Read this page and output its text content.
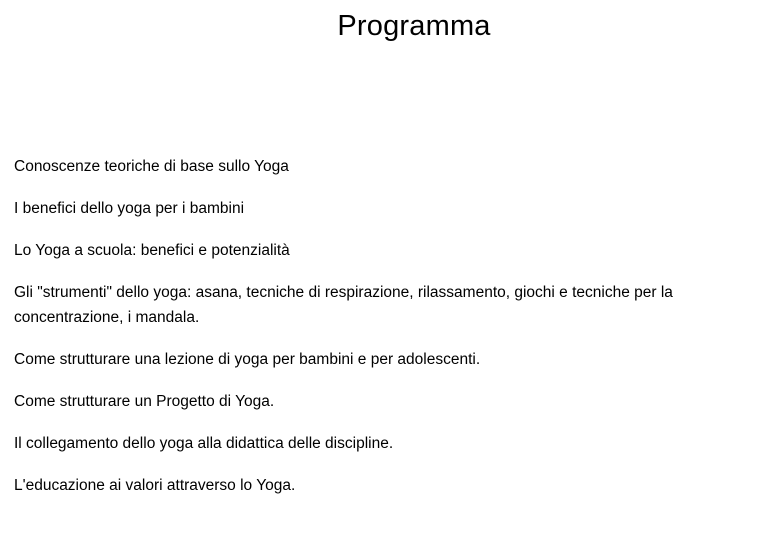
Programma
Conoscenze teoriche di base sullo Yoga
I benefici dello yoga per i bambini
Lo Yoga a scuola: benefici e potenzialità
Gli "strumenti" dello yoga: asana, tecniche di respirazione, rilassamento, giochi e tecniche per la concentrazione, i mandala.
Come strutturare una lezione di yoga per bambini e per adolescenti.
Come strutturare un Progetto di Yoga.
Il collegamento dello yoga alla didattica delle discipline.
L'educazione ai valori attraverso lo Yoga.
